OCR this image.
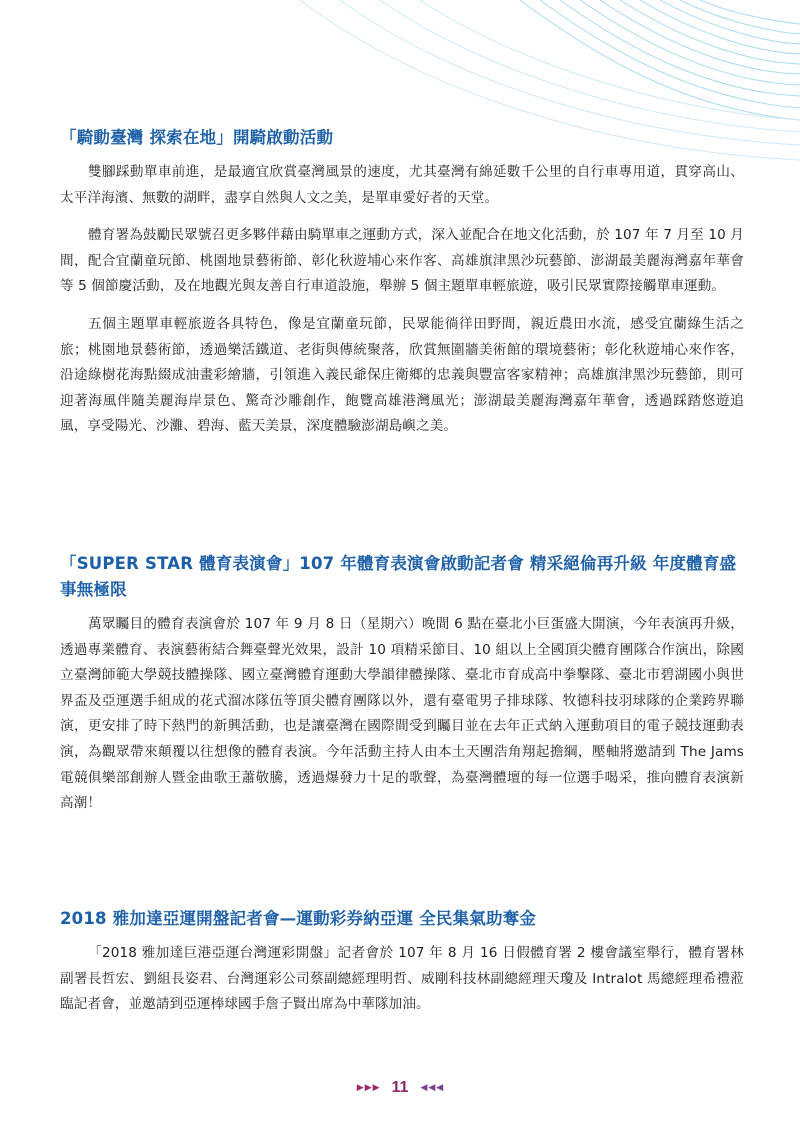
「騎動臺灣 探索在地」開騎啟動活動

雙腳踩動單車前進，是最適宜欣賞臺灣風景的速度，尤其臺灣有綿延數千公里的自行車專用道，貫穿高山、太平洋海濱、無數的湖畔，盡享自然與人文之美，是單車愛好者的天堂。

體育署為鼓勵民眾號召更多夥伴藉由騎單車之運動方式，深入並配合在地文化活動，於 107 年 7 月至 10 月間，配合宜蘭童玩節、桃園地景藝術節、彰化秋遊埔心來作客、高雄旗津黑沙玩藝節、澎湖最美麗海灣嘉年華會等 5 個節慶活動，及在地觀光與友善自行車道設施，舉辦 5 個主題單車輕旅遊，吸引民眾實際接觸單車運動。

五個主題單車輕旅遊各具特色，像是宜蘭童玩節，民眾能徜徉田野間，親近農田水流，感受宜蘭綠生活之旅；桃園地景藝術節，透過樂活鐵道、老街與傳統聚落，欣賞無圍牆美術館的環境藝術；彰化秋遊埔心來作客，沿途綠樹花海點綴成油畫彩繪牆，引領進入義民爺保庄衛鄉的忠義與豐富客家精神；高雄旗津黑沙玩藝節，則可迎著海風伴隨美麗海岸景色、驚奇沙雕創作，飽覽高雄港灣風光；澎湖最美麗海灣嘉年華會，透過踩踏悠遊追風，享受陽光、沙灘、碧海、藍天美景，深度體驗澎湖島嶼之美。

「SUPER STAR 體育表演會」107 年體育表演會啟動記者會 精采絕倫再升級 年度體育盛事無極限

萬眾矚目的體育表演會於 107 年 9 月 8 日（星期六）晚間 6 點在臺北小巨蛋盛大開演，今年表演再升級，透過專業體育、表演藝術結合舞臺聲光效果，設計 10 項精采節目、10 組以上全國頂尖體育團隊合作演出，除國立臺灣師範大學競技體操隊、國立臺灣體育運動大學韻律體操隊、臺北市育成高中拳擊隊、臺北市碧湖國小與世界盃及亞運選手組成的花式溜冰隊伍等頂尖體育團隊以外，還有臺電男子排球隊、牧德科技羽球隊的企業跨界聯演，更安排了時下熱門的新興活動，也是讓臺灣在國際間受到矚目並在去年正式納入運動項目的電子競技運動表演，為觀眾帶來顛覆以往想像的體育表演。今年活動主持人由本土天團浩角翔起擔綱，壓軸將邀請到 The Jams 電競俱樂部創辦人暨金曲歌王蕭敬騰，透過爆發力十足的歌聲，為臺灣體壇的每一位選手喝采，推向體育表演新高潮！

2018 雅加達亞運開盤記者會—運動彩券納亞運 全民集氣助奪金

「2018 雅加達巨港亞運台灣運彩開盤」記者會於 107 年 8 月 16 日假體育署 2 樓會議室舉行，體育署林副署長哲宏、劉組長姿君、台灣運彩公司蔡副總經理明哲、威剛科技林副總經理天瓊及 Intralot 馬總經理希禮蒞臨記者會，並邀請到亞運棒球國手詹子賢出席為中華隊加油。

▶ ▶ ▶ 11 ◀ ◀ ◀
